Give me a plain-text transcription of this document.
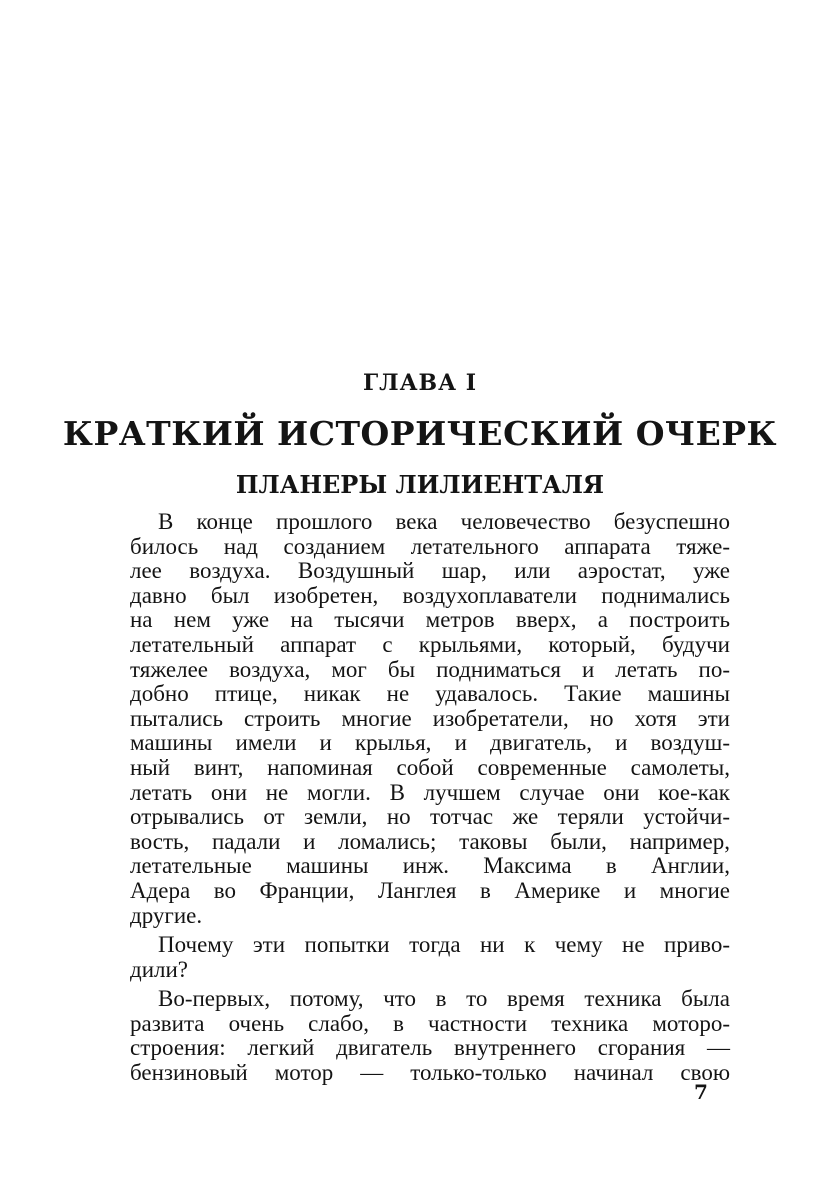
ГЛАВА I
КРАТКИЙ ИСТОРИЧЕСКИЙ ОЧЕРК
ПЛАНЕРЫ ЛИЛИЕНТАЛЯ
В конце прошлого века человечество безуспешно
билось над созданием летательного аппарата тяже-
лее воздуха. Воздушный шар, или аэростат, уже
давно был изобретен, воздухоплаватели поднимались
на нем уже на тысячи метров вверх, а построить
летательный аппарат с крыльями, который, будучи
тяжелее воздуха, мог бы подниматься и летать по-
добно птице, никак не удавалось. Такие машины
пытались строить многие изобретатели, но хотя эти
машины имели и крылья, и двигатель, и воздуш-
ный винт, напоминая собой современные самолеты,
летать они не могли. В лучшем случае они кое-как
отрывались от земли, но тотчас же теряли устойчи-
вость, падали и ломались; таковы были, например,
летательные машины инж. Максима в Англии,
Адера во Франции, Ланглея в Америке и многие
другие.
Почему эти попытки тогда ни к чему не приво-
дили?
Во-первых, потому, что в то время техника была
развита очень слабо, в частности техника моторо-
строения: легкий двигатель внутреннего сгорания —
бензиновый мотор — только-только начинал свою
7
